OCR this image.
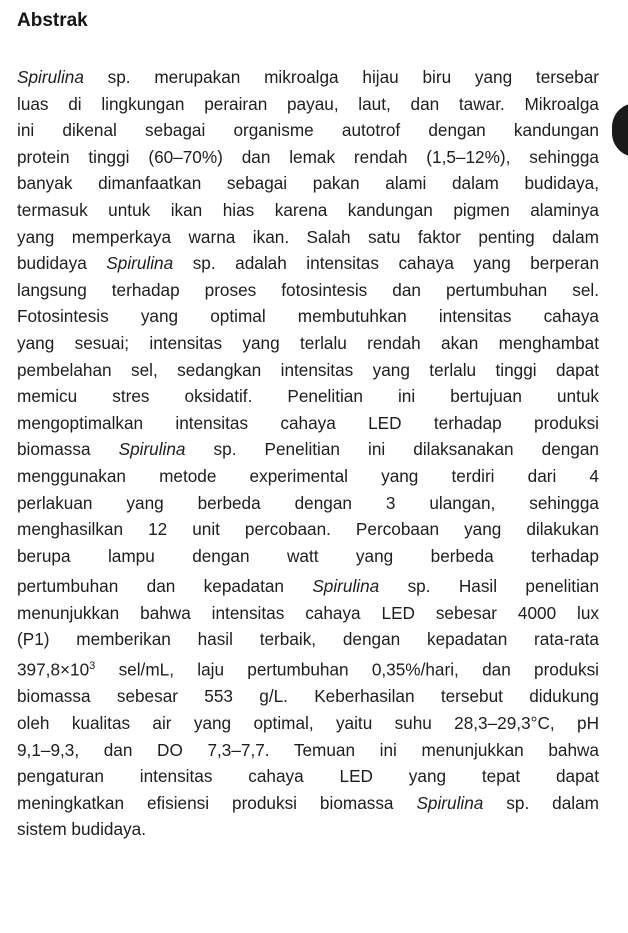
Abstrak
Spirulina sp. merupakan mikroalga hijau biru yang tersebar
luas di lingkungan perairan payau, laut, dan tawar. Mikroalga
ini dikenal sebagai organisme autotrof dengan kandungan
protein tinggi (60–70%) dan lemak rendah (1,5–12%), sehingga
banyak dimanfaatkan sebagai pakan alami dalam budidaya,
termasuk untuk ikan hias karena kandungan pigmen alaminya
yang memperkaya warna ikan. Salah satu faktor penting dalam
budidaya Spirulina sp. adalah intensitas cahaya yang berperan
langsung terhadap proses fotosintesis dan pertumbuhan sel.
Fotosintesis yang optimal membutuhkan intensitas cahaya
yang sesuai; intensitas yang terlalu rendah akan menghambat
pembelahan sel, sedangkan intensitas yang terlalu tinggi dapat
memicu stres oksidatif. Penelitian ini bertujuan untuk
mengoptimalkan intensitas cahaya LED terhadap produksi
biomassa Spirulina sp. Penelitian ini dilaksanakan dengan
menggunakan metode experimental yang terdiri dari 4
perlakuan yang berbeda dengan 3 ulangan, sehingga
menghasilkan 12 unit percobaan. Percobaan yang dilakukan
berupa lampu dengan watt yang berbeda terhadap
pertumbuhan dan kepadatan Spirulina sp. Hasil penelitian
menunjukkan bahwa intensitas cahaya LED sebesar 4000 lux
(P1) memberikan hasil terbaik, dengan kepadatan rata-rata
$397,8\times 10^3$ sel/mL, laju pertumbuhan 0,35%/hari, dan produksi
biomassa sebesar 553 g/L. Keberhasilan tersebut didukung
oleh kualitas air yang optimal, yaitu suhu 28,3–29,3°C, pH
9,1–9,3, dan DO 7,3–7,7. Temuan ini menunjukkan bahwa
pengaturan intensitas cahaya LED yang tepat dapat
meningkatkan efisiensi produksi biomassa Spirulina sp. dalam
sistem budidaya.
